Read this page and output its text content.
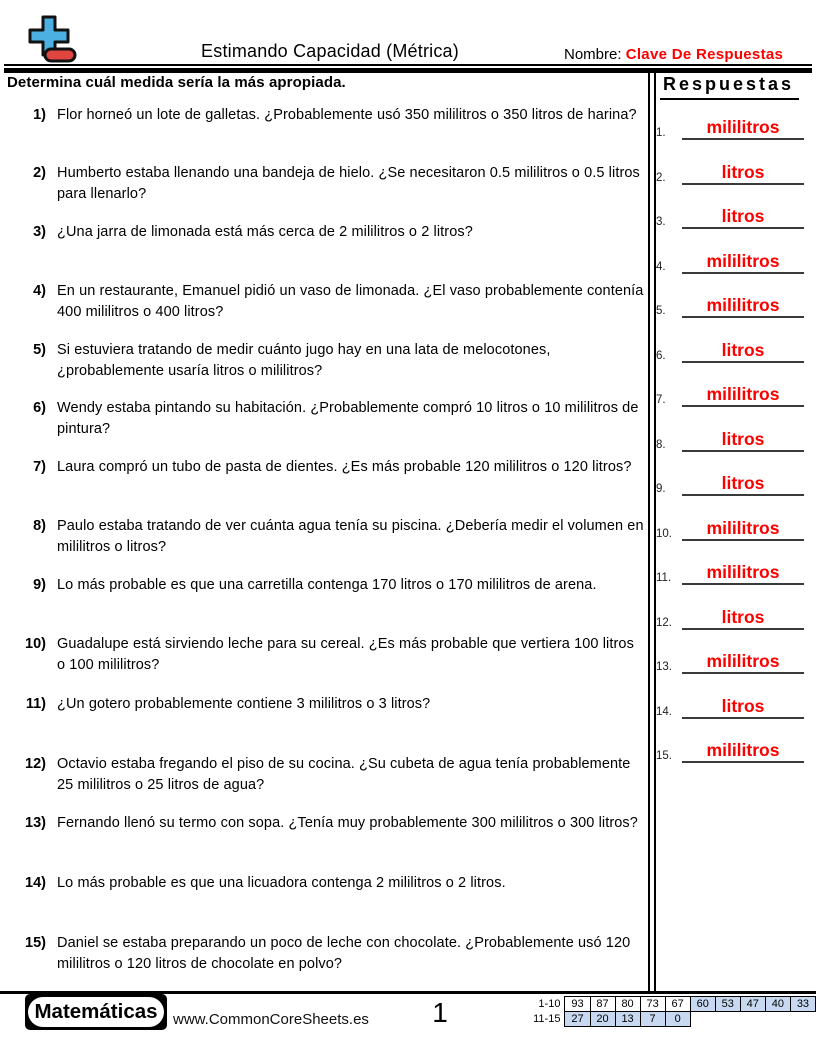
Estimando Capacidad (Métrica)	Nombre: Clave De Respuestas
Determina cuál medida sería la más apropiada.
1) Flor horneó un lote de galletas. ¿Probablemente usó 350 mililitros o 350 litros de harina?
2) Humberto estaba llenando una bandeja de hielo. ¿Se necesitaron 0.5 mililitros o 0.5 litros para llenarlo?
3) ¿Una jarra de limonada está más cerca de 2 mililitros o 2 litros?
4) En un restaurante, Emanuel pidió un vaso de limonada. ¿El vaso probablemente contenía 400 mililitros o 400 litros?
5) Si estuviera tratando de medir cuánto jugo hay en una lata de melocotones, ¿probablemente usaría litros o mililitros?
6) Wendy estaba pintando su habitación. ¿Probablemente compró 10 litros o 10 mililitros de pintura?
7) Laura compró un tubo de pasta de dientes. ¿Es más probable 120 mililitros o 120 litros?
8) Paulo estaba tratando de ver cuánta agua tenía su piscina. ¿Debería medir el volumen en mililitros o litros?
9) Lo más probable es que una carretilla contenga 170 litros o 170 mililitros de arena.
10) Guadalupe está sirviendo leche para su cereal. ¿Es más probable que vertiera 100 litros o 100 mililitros?
11) ¿Un gotero probablemente contiene 3 mililitros o 3 litros?
12) Octavio estaba fregando el piso de su cocina. ¿Su cubeta de agua tenía probablemente 25 mililitros o 25 litros de agua?
13) Fernando llenó su termo con sopa. ¿Tenía muy probablemente 300 mililitros o 300 litros?
14) Lo más probable es que una licuadora contenga 2 mililitros o 2 litros.
15) Daniel se estaba preparando un poco de leche con chocolate. ¿Probablemente usó 120 mililitros o 120 litros de chocolate en polvo?
Respuestas
1.	mililitros
2.	litros
3.	litros
4.	mililitros
5.	mililitros
6.	litros
7.	mililitros
8.	litros
9.	litros
10.	mililitros
11.	mililitros
12.	litros
13.	mililitros
14.	litros
15.	mililitros
Matemáticas	www.CommonCoreSheets.es	1	1-10	93	87	80	73	67	60	53	47	40	33
11-15	27	20	13	7	0					
